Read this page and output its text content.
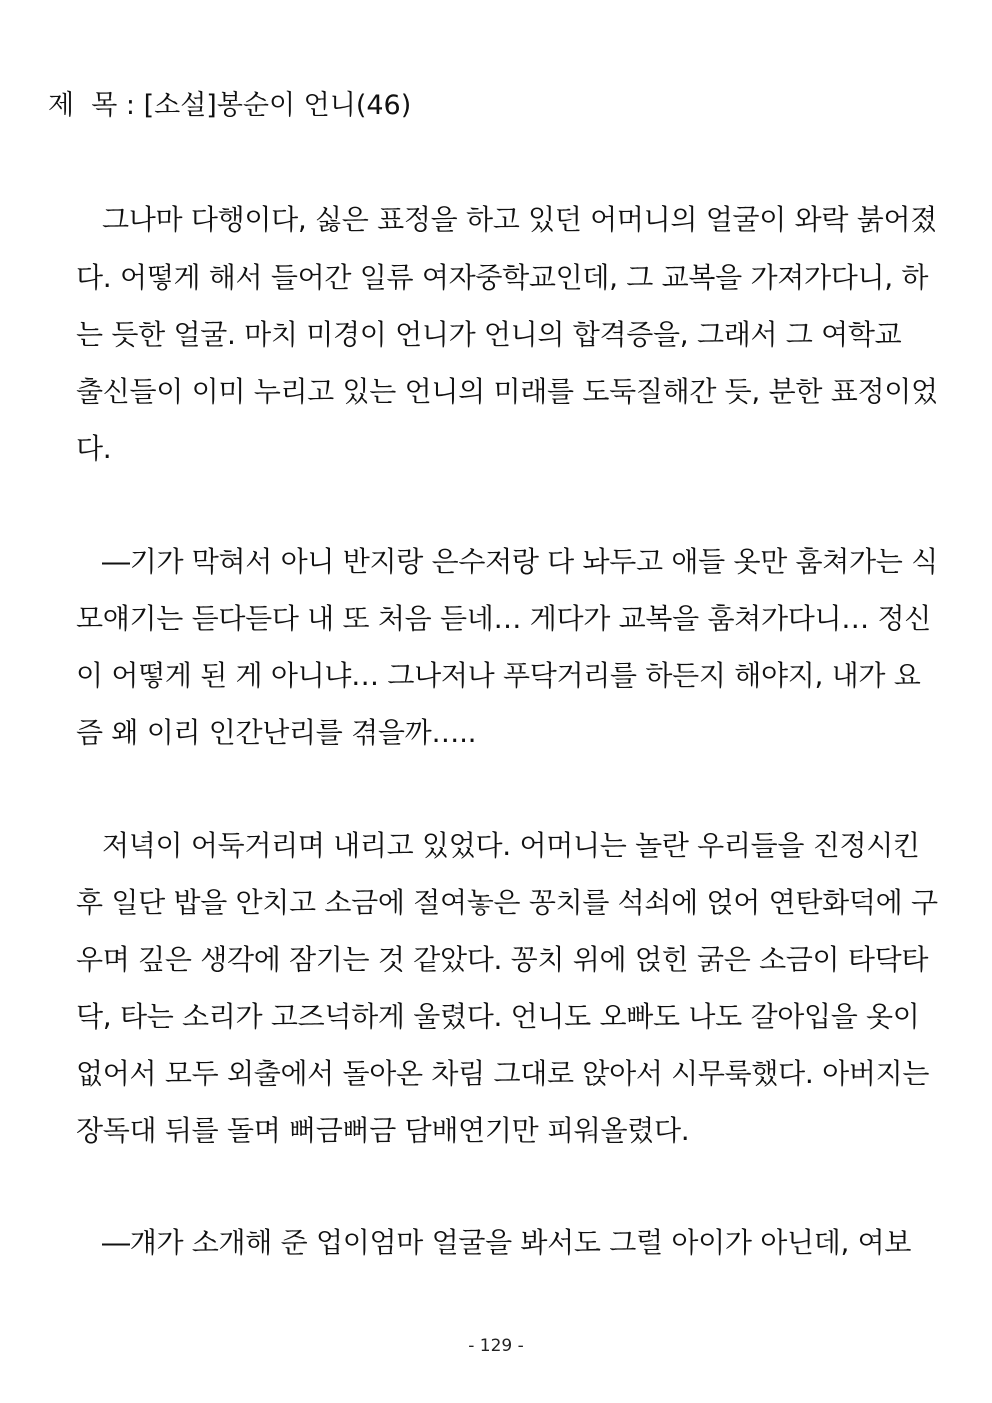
제  목 : [소설]봉순이 언니(46)
그나마 다행이다, 싫은 표정을 하고 있던 어머니의 얼굴이 와락 붉어졌
다. 어떻게 해서 들어간 일류 여자중학교인데, 그 교복을 가져가다니, 하
는 듯한 얼굴. 마치 미경이 언니가 언니의 합격증을, 그래서 그 여학교
출신들이 이미 누리고 있는 언니의 미래를 도둑질해간 듯, 분한 표정이었
다.
―기가 막혀서 아니 반지랑 은수저랑 다 놔두고 애들 옷만 훔쳐가는 식
모얘기는 듣다듣다 내 또 처음 듣네… 게다가 교복을 훔쳐가다니… 정신
이 어떻게 된 게 아니냐… 그나저나 푸닥거리를 하든지 해야지, 내가 요
즘 왜 이리 인간난리를 겪을까…..
저녁이 어둑거리며 내리고 있었다. 어머니는 놀란 우리들을 진정시킨
후 일단 밥을 안치고 소금에 절여놓은 꽁치를 석쇠에 얹어 연탄화덕에 구
우며 깊은 생각에 잠기는 것 같았다. 꽁치 위에 얹힌 굵은 소금이 타닥타
닥, 타는 소리가 고즈넉하게 울렸다. 언니도 오빠도 나도 갈아입을 옷이
없어서 모두 외출에서 돌아온 차림 그대로 앉아서 시무룩했다. 아버지는
장독대 뒤를 돌며 뻐금뻐금 담배연기만 피워올렸다.
―걔가 소개해 준 업이엄마 얼굴을 봐서도 그럴 아이가 아닌데, 여보
- 129 -
